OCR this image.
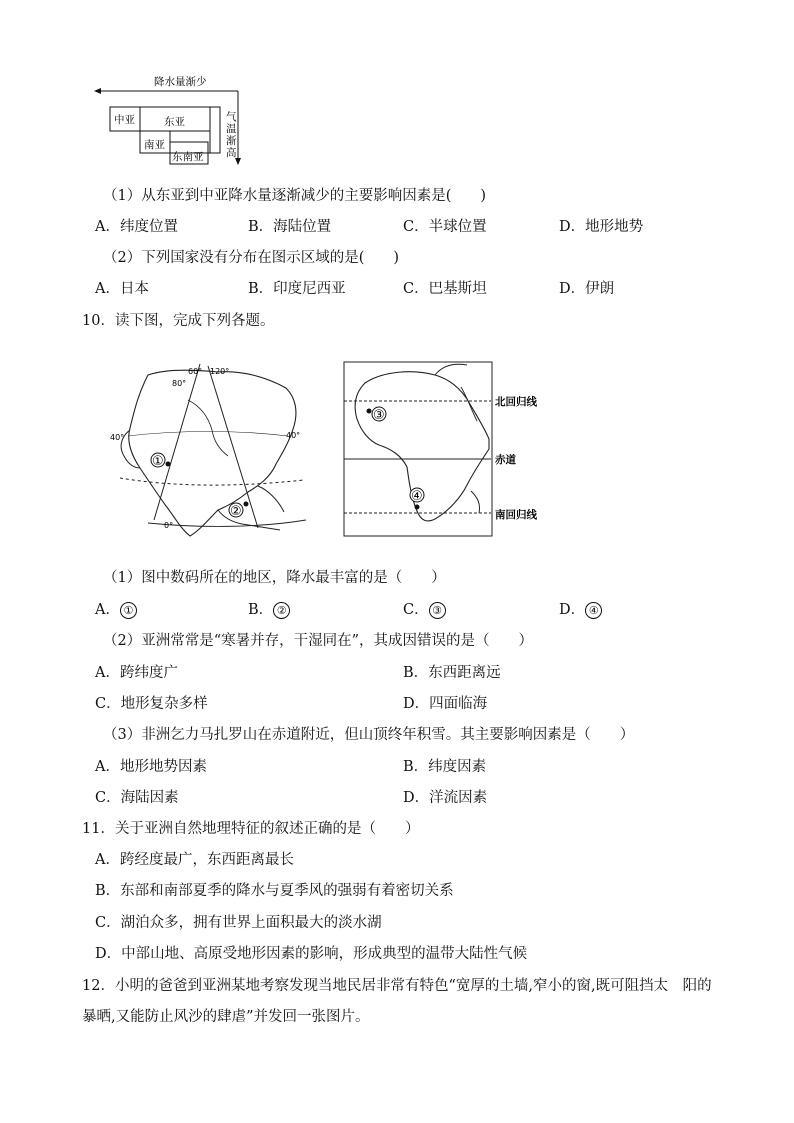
降水量渐少
中亚	东亚
南亚
东南亚
气
温
渐
高
（1）从东亚到中亚降水量逐渐减少的主要影响因素是(　　)
A．纬度位置	B．海陆位置	C．半球位置	D．地形地势
（2）下列国家没有分布在图示区域的是(　　)
A．日本	B．印度尼西亚	C．巴基斯坦	D．伊朗
10．读下图，完成下列各题。
60° 120°
80°
40°	40°
0°
①
②
北回归线
赤道
南回归线
③
④
（1）图中数码所在的地区，降水最丰富的是（　　）
A． ①	B． ②	C． ③	D． ④
（2）亚洲常常是“寒暑并存，干湿同在”，其成因错误的是（　　）
A．跨纬度广	B．东西距离远
C．地形复杂多样	D．四面临海
（3）非洲乞力马扎罗山在赤道附近，但山顶终年积雪。其主要影响因素是（　　）
A．地形地势因素	B．纬度因素
C．海陆因素	D．洋流因素
11．关于亚洲自然地理特征的叙述正确的是（　　）
A．跨经度最广，东西距离最长
B．东部和南部夏季的降水与夏季风的强弱有着密切关系
C．湖泊众多，拥有世界上面积最大的淡水湖
D．中部山地、高原受地形因素的影响，形成典型的温带大陆性气候
12．小明的爸爸到亚洲某地考察发现当地民居非常有特色“宽厚的土墙,窄小的窗,既可阻挡太　阳的
暴晒,又能防止风沙的肆虐”并发回一张图片。
